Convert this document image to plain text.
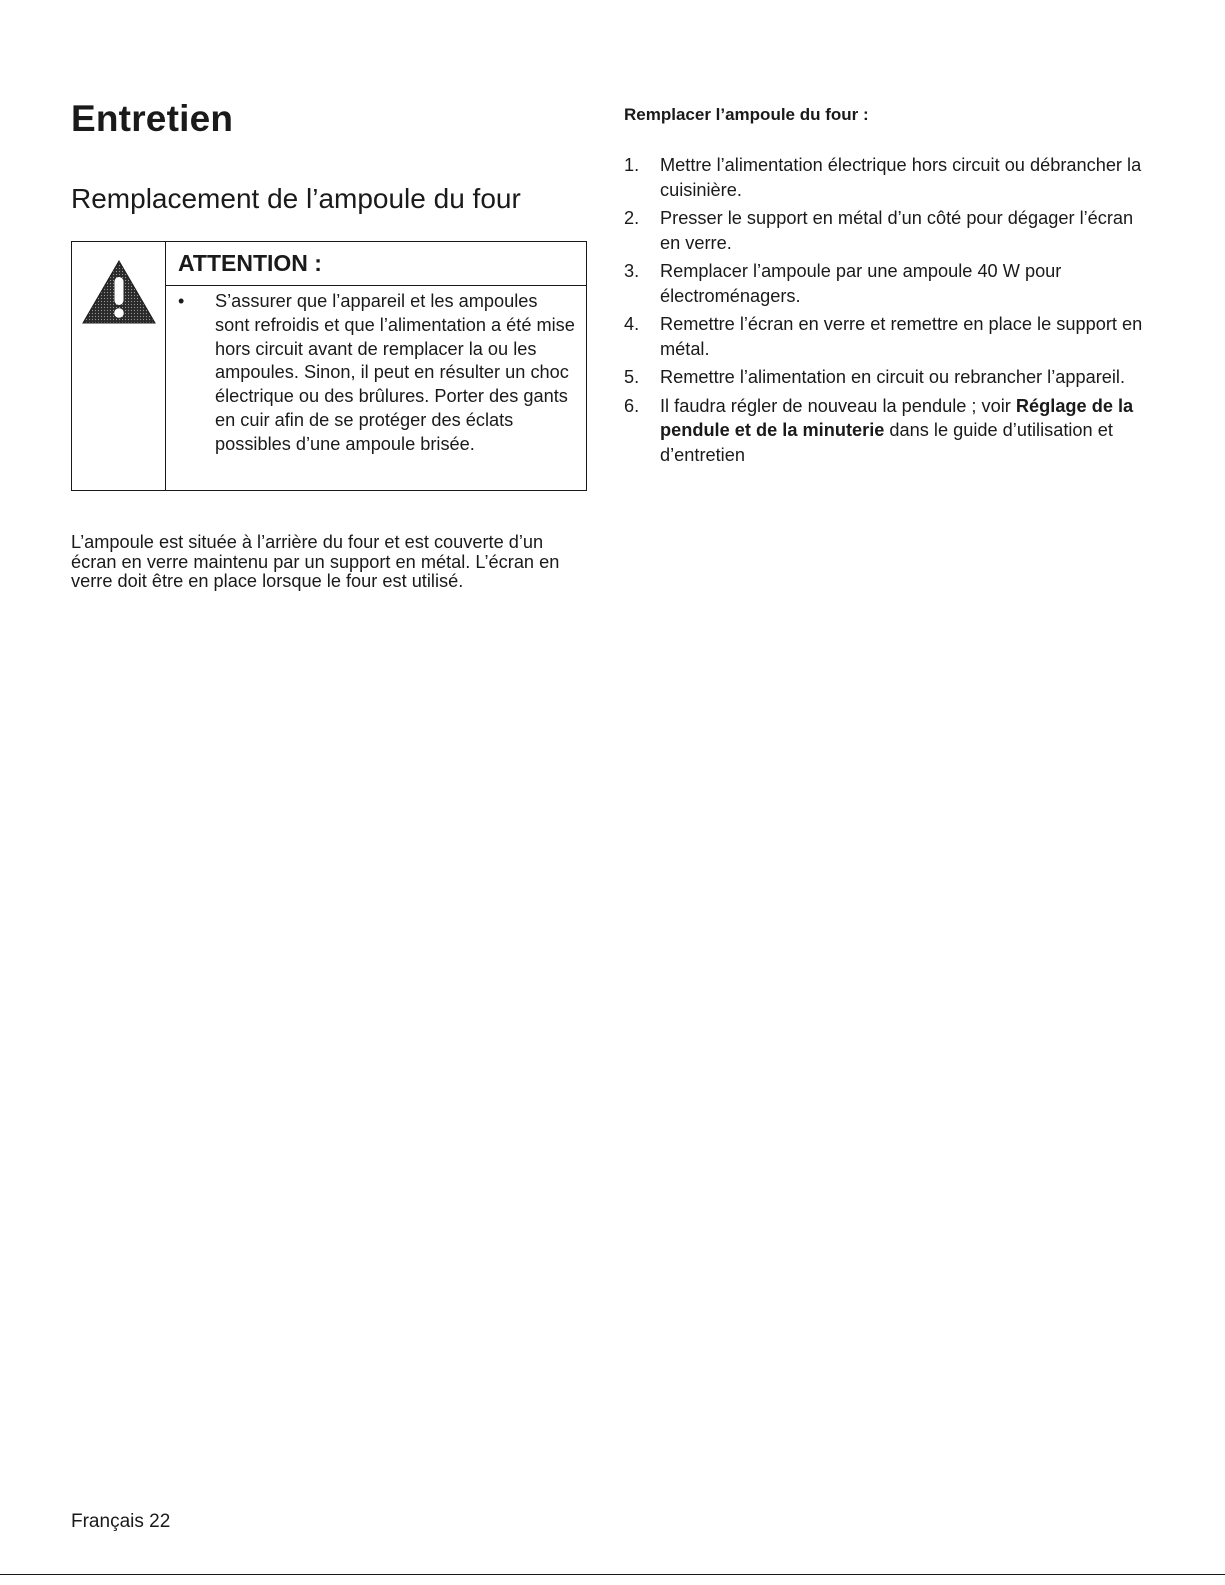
Entretien
Remplacement de l’ampoule du four
ATTENTION :
• S’assurer que l’appareil et les ampoules sont refroidis et que l’alimentation a été mise hors circuit avant de remplacer la ou les ampoules. Sinon, il peut en résulter un choc électrique ou des brûlures. Porter des gants en cuir afin de se protéger des éclats possibles d’une ampoule brisée.

L’ampoule est située à l’arrière du four et est couverte d’un écran en verre maintenu par un support en métal. L’écran en verre doit être en place lorsque le four est utilisé.

Remplacer l’ampoule du four :
1. Mettre l’alimentation électrique hors circuit ou débrancher la cuisinière.
2. Presser le support en métal d’un côté pour dégager l’écran en verre.
3. Remplacer l’ampoule par une ampoule 40 W pour électroménagers.
4. Remettre l’écran en verre et remettre en place le support en métal.
5. Remettre l’alimentation en circuit ou rebrancher l’appareil.
6. Il faudra régler de nouveau la pendule ; voir Réglage de la pendule et de la minuterie dans le guide d’utilisation et d’entretien

Français 22
